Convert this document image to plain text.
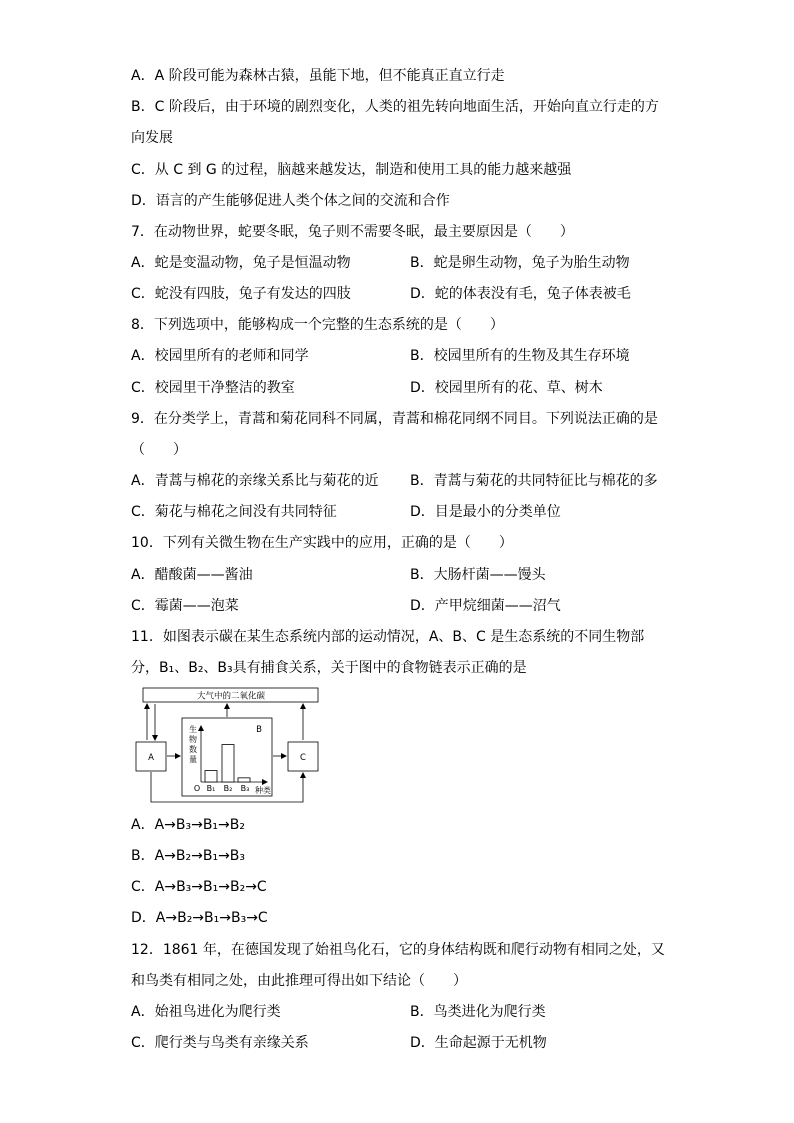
A．A 阶段可能为森林古猿，虽能下地，但不能真正直立行走
B．C 阶段后，由于环境的剧烈变化，人类的祖先转向地面生活，开始向直立行走的方
向发展
C．从 C 到 G 的过程，脑越来越发达，制造和使用工具的能力越来越强
D．语言的产生能够促进人类个体之间的交流和合作
7．在动物世界，蛇要冬眠，兔子则不需要冬眠，最主要原因是（　　）
A．蛇是变温动物，兔子是恒温动物	B．蛇是卵生动物，兔子为胎生动物
C．蛇没有四肢，兔子有发达的四肢	D．蛇的体表没有毛，兔子体表被毛
8．下列选项中，能够构成一个完整的生态系统的是（　　）
A．校园里所有的老师和同学	B．校园里所有的生物及其生存环境
C．校园里干净整洁的教室	D．校园里所有的花、草、树木
9．在分类学上，青蒿和菊花同科不同属，青蒿和棉花同纲不同目。下列说法正确的是
（　　）
A．青蒿与棉花的亲缘关系比与菊花的近 B．青蒿与菊花的共同特征比与棉花的多
C．菊花与棉花之间没有共同特征	D．目是最小的分类单位
10．下列有关微生物在生产实践中的应用，正确的是（　　）
A．醋酸菌——酱油	B．大肠杆菌——馒头
C．霉菌——泡菜	D．产甲烷细菌——沼气
11．如图表示碳在某生态系统内部的运动情况，A、B、C 是生态系统的不同生物部
分，B₁、B₂、B₃具有捕食关系，关于图中的食物链表示正确的是
大气中的二氧化碳
A	C
B
生
物
数
量
O B₁ B₂ B₃ 种类
A．A→B₃→B₁→B₂
B．A→B₂→B₁→B₃
C．A→B₃→B₁→B₂→C
D．A→B₂→B₁→B₃→C
12．1861 年，在德国发现了始祖鸟化石，它的身体结构既和爬行动物有相同之处，又
和鸟类有相同之处，由此推理可得出如下结论（　　）
A．始祖鸟进化为爬行类	B．鸟类进化为爬行类
C．爬行类与鸟类有亲缘关系	D．生命起源于无机物
